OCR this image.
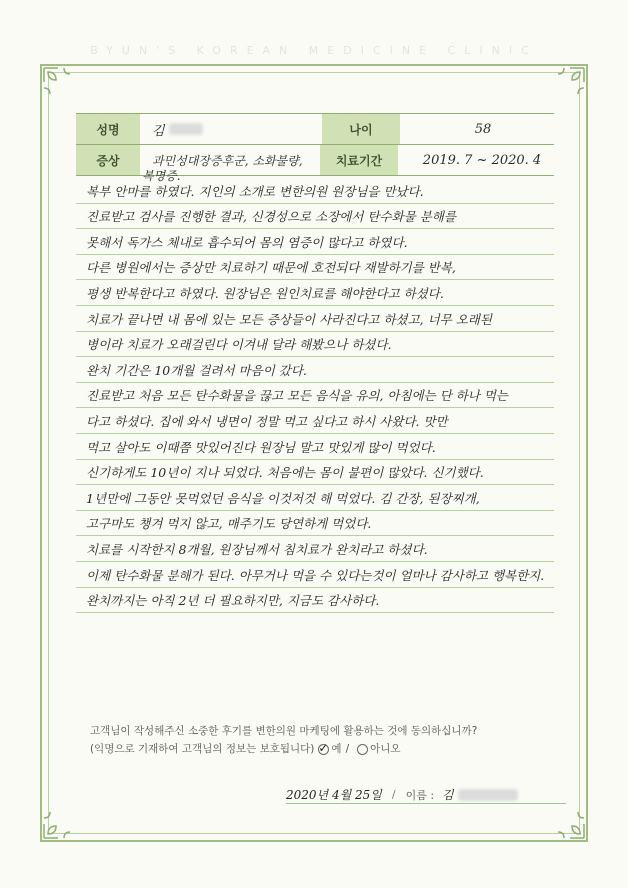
BYUN'S KOREAN MEDICINE CLINIC
성명	김	나이	58
증상	과민성대장증후군, 소화불량,	치료기간	2019. 7 ~ 2020. 4
복명증.
복부 안마를 하였다. 지인의 소개로 변한의원 원장님을 만났다.
진료받고 검사를 진행한 결과, 신경성으로 소장에서 탄수화물 분해를
못해서 독가스 체내로 흡수되어 몸의 염증이 많다고 하였다.
다른 병원에서는 증상만 치료하기 때문에 호전되다 재발하기를 반복,
평생 반복한다고 하였다. 원장님은 원인치료를 해야한다고 하셨다.
치료가 끝나면 내 몸에 있는 모든 증상들이 사라진다고 하셨고, 너무 오래된
병이라 치료가 오래걸린다 이겨내 달라 해봤으나 하셨다.
완치 기간은 10개월 걸려서 마음이 갔다.
진료받고 처음 모든 탄수화물을 끊고 모든 음식을 유의, 아침에는 단 하나 먹는
다고 하셨다. 집에 와서 냉면이 정말 먹고 싶다고 하시 사왔다. 맛만
먹고 살아도 이때쯤 맛있어진다 원장님 말고 맛있게 많이 먹었다.
신기하게도 10년이 지나 되었다. 처음에는 몸이 불편이 많았다. 신기했다.
1년만에 그동안 못먹었던 음식을 이것저것 해 먹었다. 김 간장, 된장찌개,
고구마도 챙겨 먹지 않고, 매주기도 당연하게 먹었다.
치료를 시작한지 8개월, 원장님께서 침치료가 완치라고 하셨다.
이제 탄수화물 분해가 된다. 아무거나 먹을 수 있다는것이 얼마나 감사하고 행복한지.
완치까지는 아직 2년 더 필요하지만, 지금도 감사하다.
고객님이 작성해주신 소중한 후기를 변한의원 마케팅에 활용하는 것에 동의하십니까?
(익명으로 기재하여 고객님의 정보는 보호됩니다)
✓ 예 / 아니오
2020년 4월 25일 / 이름 : 김
